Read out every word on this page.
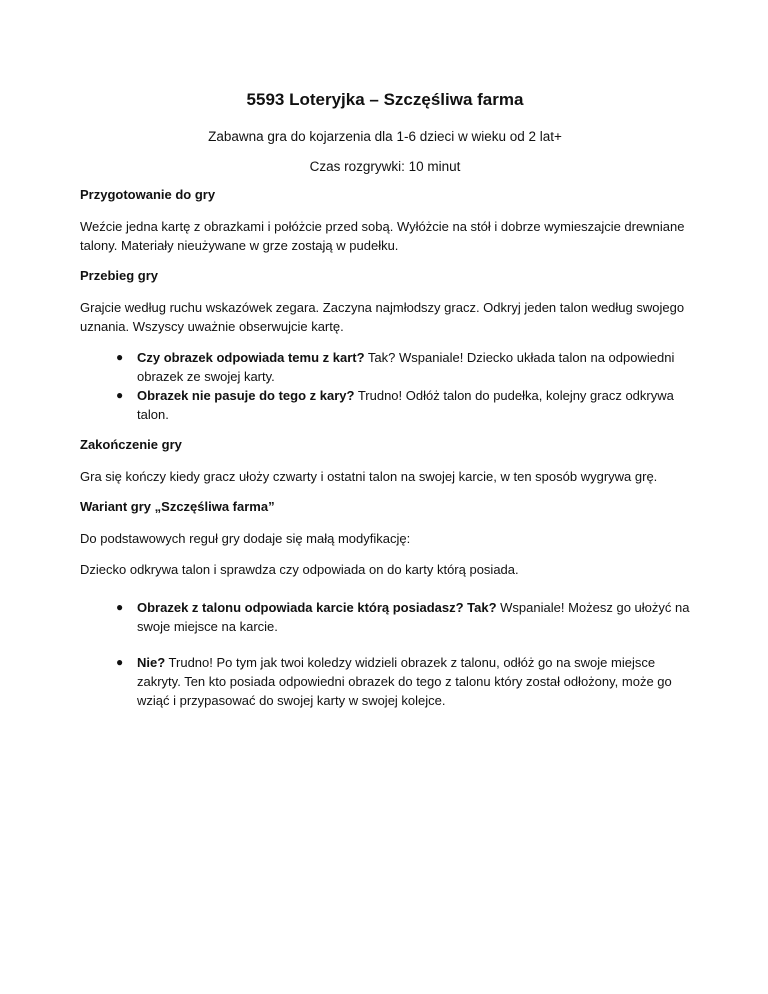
5593 Loteryjka – Szczęśliwa farma

Zabawna gra do kojarzenia dla 1-6 dzieci w wieku od 2 lat+

Czas rozgrywki: 10 minut

Przygotowanie do gry

Weźcie jedna kartę z obrazkami i połóżcie przed sobą. Wyłóżcie na stół i dobrze wymieszajcie drewniane talony. Materiały nieużywane w grze zostają w pudełku.

Przebieg gry

Grajcie według ruchu wskazówek zegara. Zaczyna najmłodszy gracz. Odkryj jeden talon według swojego uznania. Wszyscy uważnie obserwujcie kartę.

● Czy obrazek odpowiada temu z kart? Tak? Wspaniale! Dziecko układa talon na odpowiedni obrazek ze swojej karty.
● Obrazek nie pasuje do tego z kary? Trudno! Odłóż talon do pudełka, kolejny gracz odkrywa talon.
Zakończenie gry

Gra się kończy kiedy gracz ułoży czwarty i ostatni talon na swojej karcie, w ten sposób wygrywa grę.

Wariant gry „Szczęśliwa farma”

Do podstawowych reguł gry dodaje się małą modyfikację:

Dziecko odkrywa talon i sprawdza czy odpowiada on do karty którą posiada.

● Obrazek z talonu odpowiada karcie którą posiadasz? Tak? Wspaniale! Możesz go ułożyć na swoje miejsce na karcie.
● Nie? Trudno! Po tym jak twoi koledzy widzieli obrazek z talonu, odłóż go na swoje miejsce zakryty. Ten kto posiada odpowiedni obrazek do tego z talonu który został odłożony, może go wziąć i przypasować do swojej karty w swojej kolejce.
